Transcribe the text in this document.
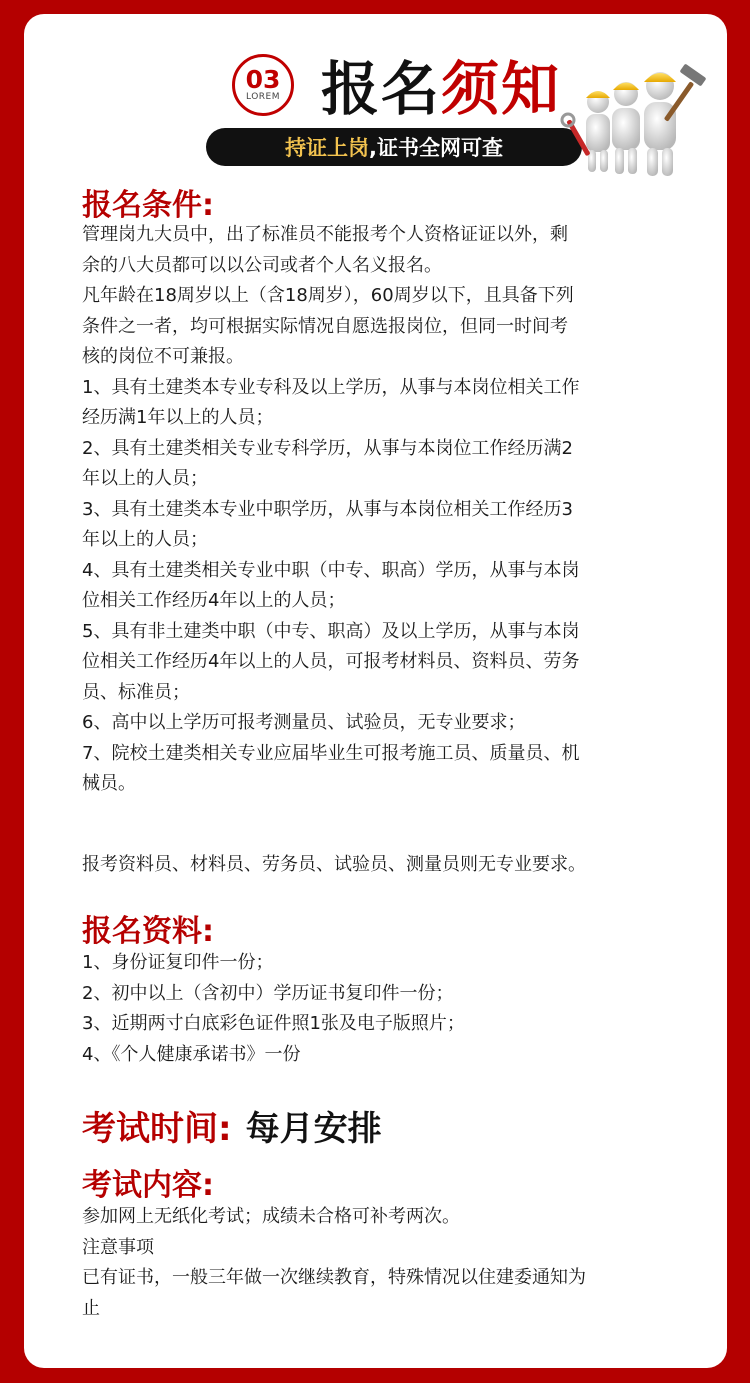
03
LOREM 报名须知
持证上岗 ,证书全网可查
报名条件:
管理岗九大员中，出了标准员不能报考个人资格证证以外，剩
余的八大员都可以以公司或者个人名义报名。
凡年龄在18周岁以上（含18周岁），60周岁以下，且具备下列
条件之一者，均可根据实际情况自愿选报岗位，但同一时间考
核的岗位不可兼报。
1、具有土建类本专业专科及以上学历，从事与本岗位相关工作
经历满1年以上的人员；
2、具有土建类相关专业专科学历，从事与本岗位工作经历满2
年以上的人员；
3、具有土建类本专业中职学历，从事与本岗位相关工作经历3
年以上的人员；
4、具有土建类相关专业中职（中专、职高）学历，从事与本岗
位相关工作经历4年以上的人员；
5、具有非土建类中职（中专、职高）及以上学历，从事与本岗
位相关工作经历4年以上的人员，可报考材料员、资料员、劳务
员、标准员；
6、高中以上学历可报考测量员、试验员，无专业要求；
7、院校土建类相关专业应届毕业生可报考施工员、质量员、机
械员。
报考资料员、材料员、劳务员、试验员、测量员则无专业要求。
报名资料:
1、身份证复印件一份；
2、初中以上（含初中）学历证书复印件一份；
3、近期两寸白底彩色证件照1张及电子版照片；
4、《个人健康承诺书》一份
考试时间: 每月安排
考试内容:
参加网上无纸化考试；成绩未合格可补考两次。
注意事项
已有证书，一般三年做一次继续教育，特殊情况以住建委通知为
止
